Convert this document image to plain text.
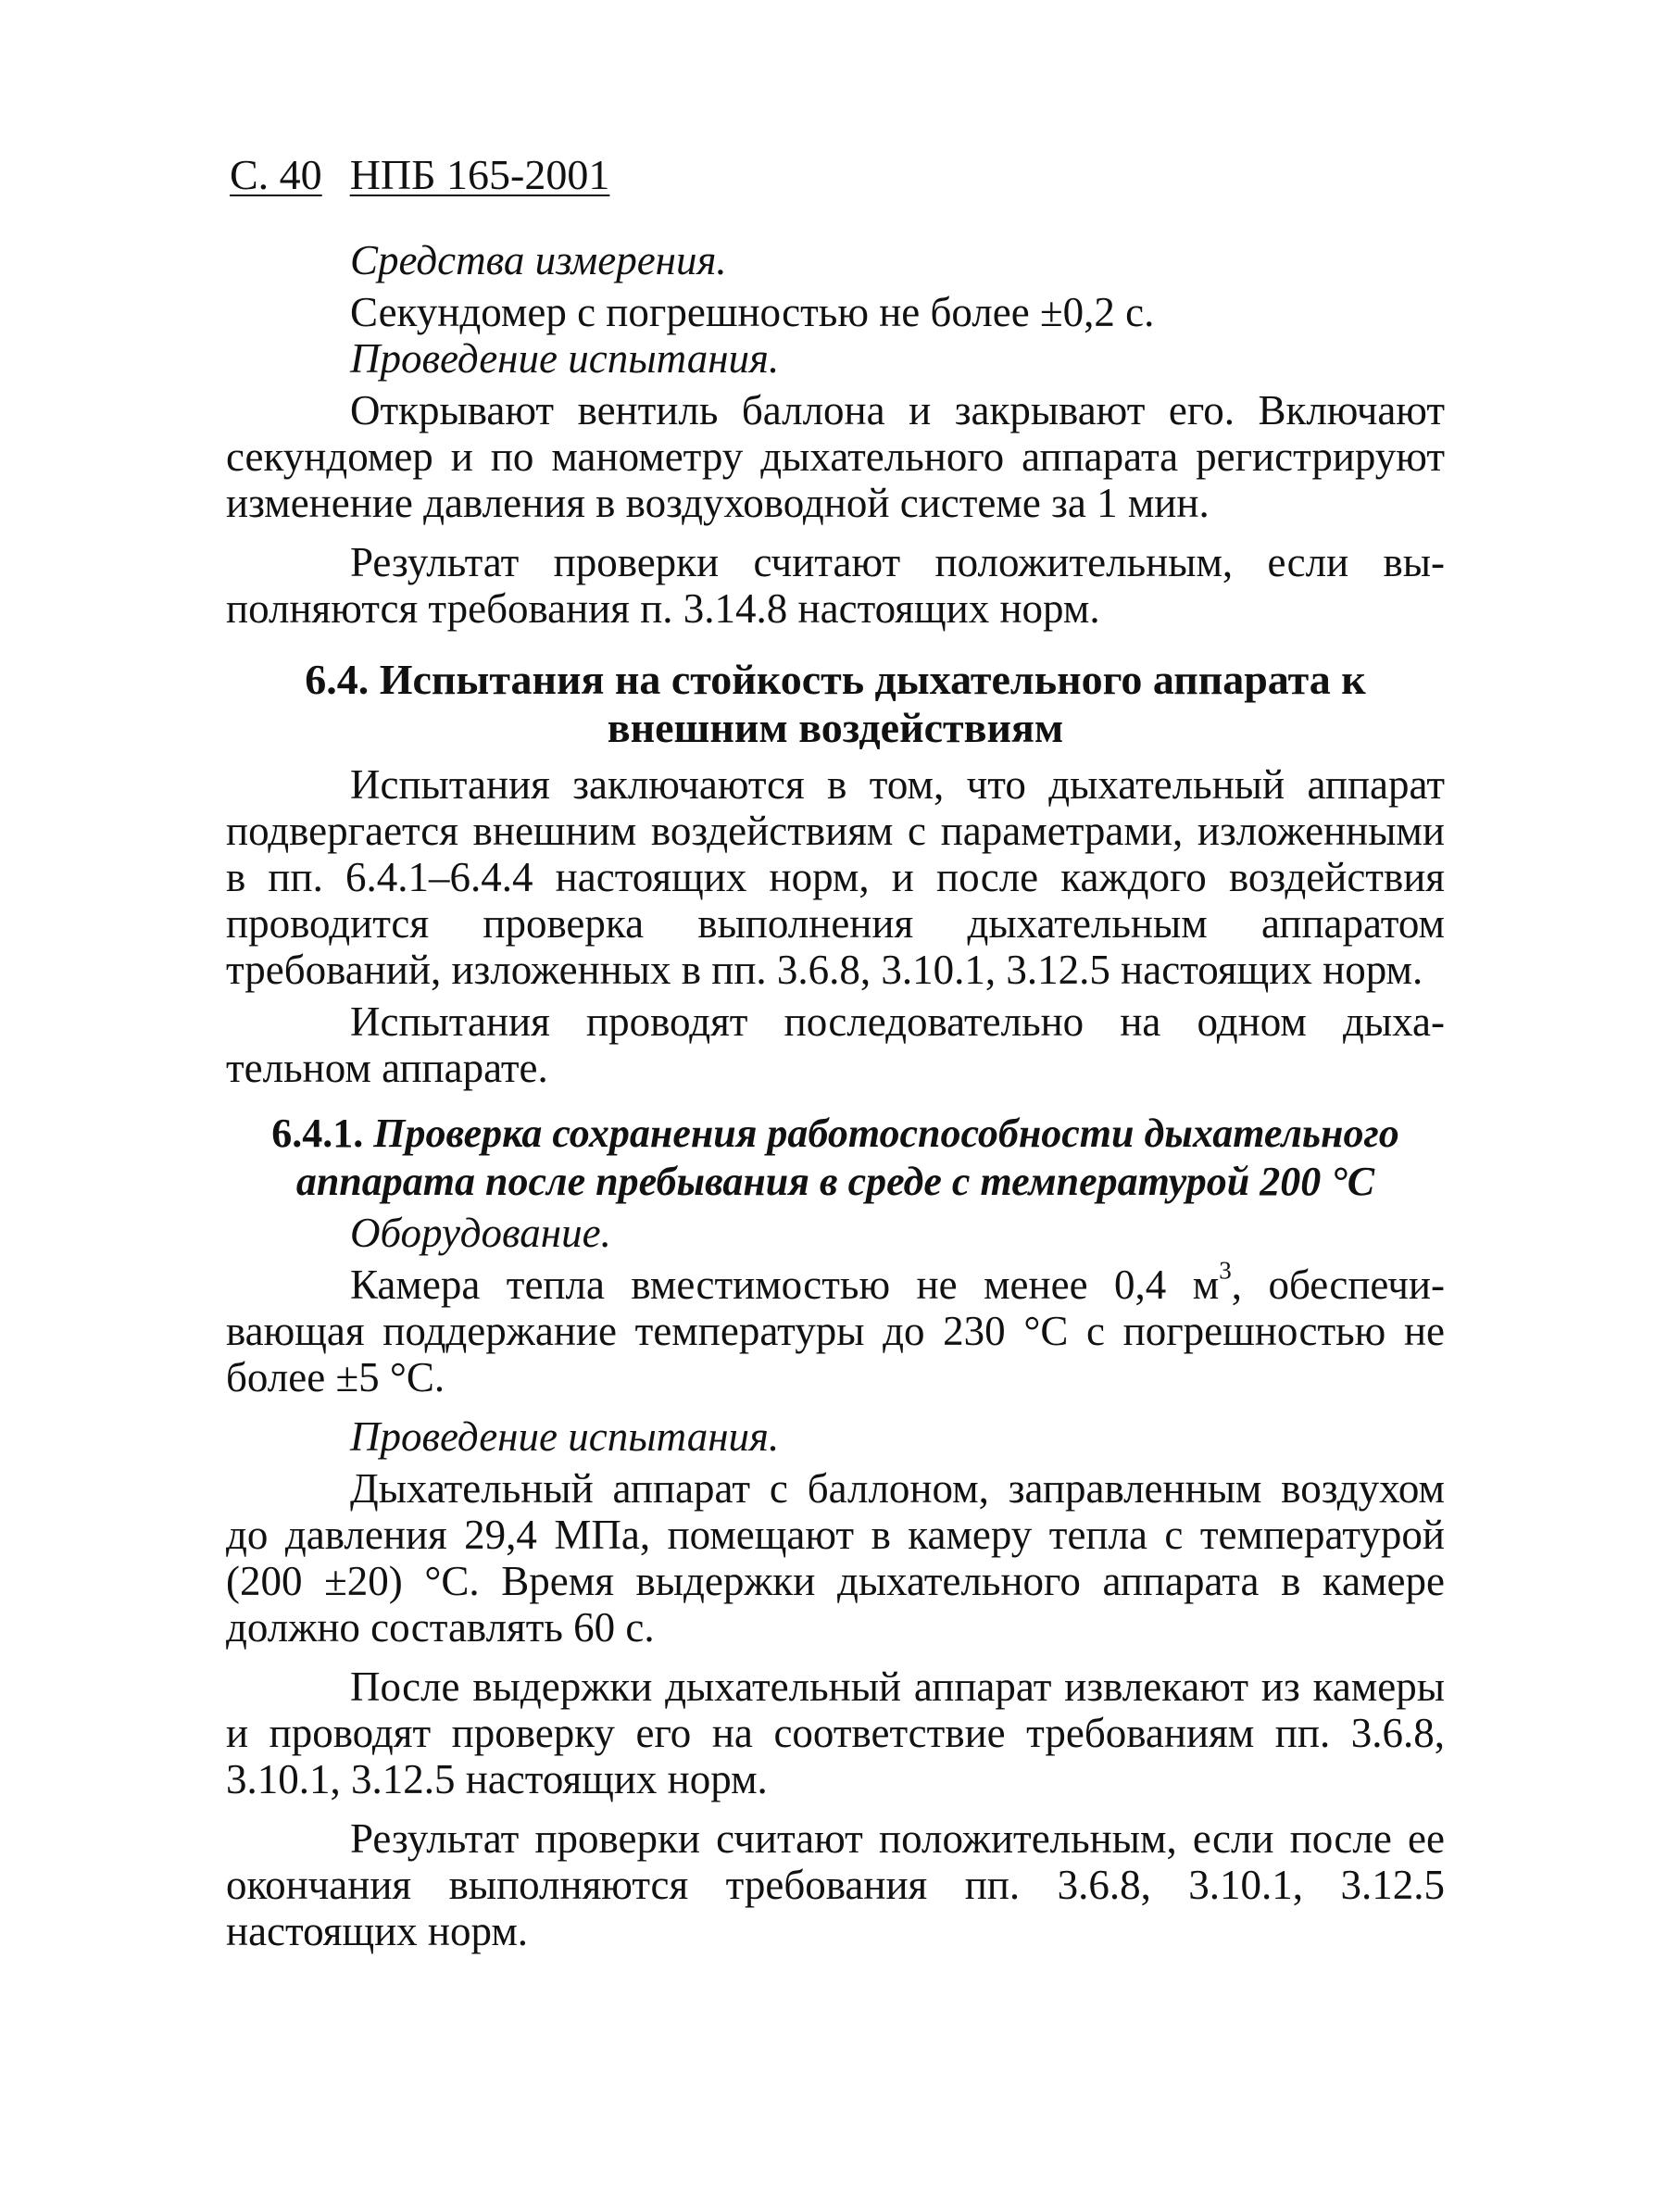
С. 40 НПБ 165-2001

Средства измерения.

Секундомер с погрешностью не более ±0,2 с.

Проведение испытания.

Открывают вентиль баллона и закрывают его. Включают секундомер и по манометру дыхательного аппарата регистрируют изменение давления в воздуховодной системе за 1 мин.

Результат проверки считают положительным, если выполняются требования п. 3.14.8 настоящих норм.

6.4. Испытания на стойкость дыхательного аппарата к внешним воздействиям

Испытания заключаются в том, что дыхательный аппарат подвергается внешним воздействиям с параметрами, изложенными в пп. 6.4.1–6.4.4 настоящих норм, и после каждого воздействия проводится проверка выполнения дыхательным аппаратом требований, изложенных в пп. 3.6.8, 3.10.1, 3.12.5 настоящих норм.

Испытания проводят последовательно на одном дыхательном аппарате.

6.4.1. Проверка сохранения работоспособности дыхательного аппарата после пребывания в среде с температурой 200 °С

Оборудование.

Камера тепла вместимостью не менее 0,4 $м^3$, обеспечивающая поддержание температуры до 230 °С с погрешностью не более ±5 °С.

Проведение испытания.

Дыхательный аппарат с баллоном, заправленным воздухом до давления 29,4 МПа, помещают в камеру тепла с температурой (200 ±20) °С. Время выдержки дыхательного аппарата в камере должно составлять 60 с.

После выдержки дыхательный аппарат извлекают из камеры и проводят проверку его на соответствие требованиям пп. 3.6.8, 3.10.1, 3.12.5 настоящих норм.

Результат проверки считают положительным, если после ее окончания выполняются требования пп. 3.6.8, 3.10.1, 3.12.5 настоящих норм.
